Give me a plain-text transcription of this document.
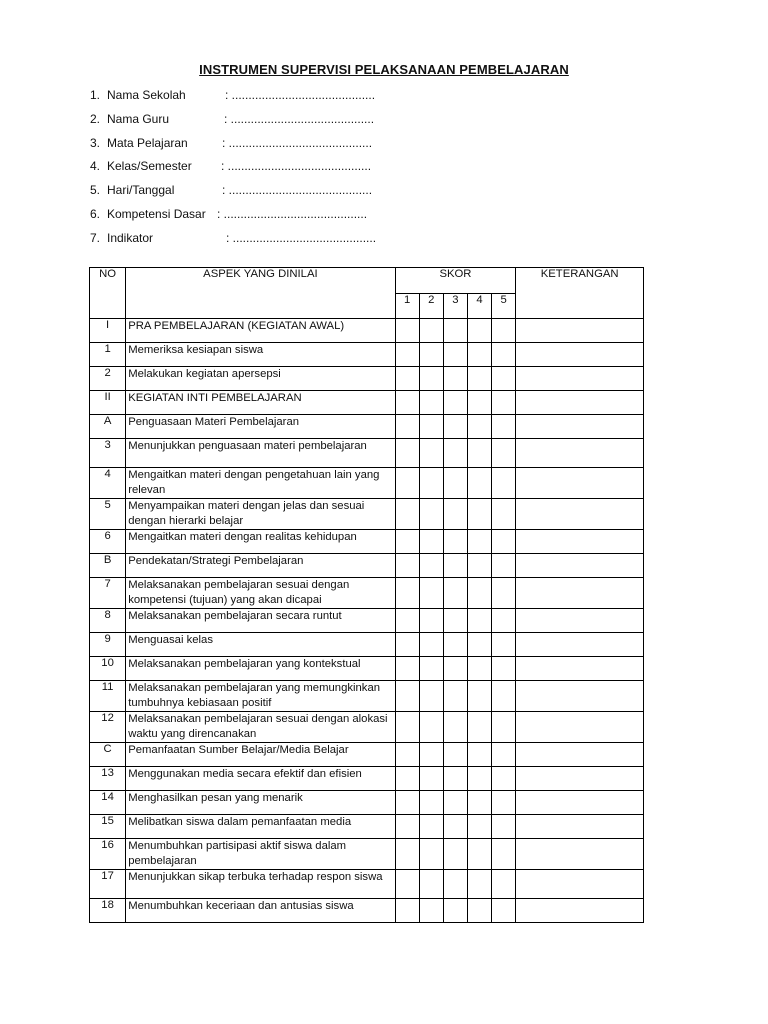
INSTRUMEN SUPERVISI PELAKSANAAN PEMBELAJARAN
1. Nama Sekolah	: ...........................................
2. Nama Guru	: ...........................................
3. Mata Pelajaran	: ...........................................
4. Kelas/Semester : ...........................................
5. Hari/Tanggal	: ...........................................
6. Kompetensi Dasar : ...........................................
7. Indikator	: ...........................................
NO	ASPEK YANG DINILAI	SKOR					KETERANGAN
		1	2	3	4	5	
I	PRA PEMBELAJARAN (KEGIATAN AWAL)						
1	Memeriksa kesiapan siswa						
2	Melakukan kegiatan apersepsi						
II	KEGIATAN INTI PEMBELAJARAN						
A	Penguasaan Materi Pembelajaran						
3	Menunjukkan penguasaan materi pembelajaran						
4	Mengaitkan materi dengan pengetahuan lain yang relevan						
5	Menyampaikan materi dengan jelas dan sesuai dengan hierarki belajar						
6	Mengaitkan materi dengan realitas kehidupan						
B	Pendekatan/Strategi Pembelajaran						
7	Melaksanakan pembelajaran sesuai dengan kompetensi (tujuan) yang akan dicapai						
8	Melaksanakan pembelajaran secara runtut						
9	Menguasai kelas						
10	Melaksanakan pembelajaran yang kontekstual						
11	Melaksanakan pembelajaran yang memungkinkan tumbuhnya kebiasaan positif						
12	Melaksanakan pembelajaran sesuai dengan alokasi waktu yang direncanakan						
C	Pemanfaatan Sumber Belajar/Media Belajar						
13	Menggunakan media secara efektif dan efisien						
14	Menghasilkan pesan yang menarik						
15	Melibatkan siswa dalam pemanfaatan media						
16	Menumbuhkan partisipasi aktif siswa dalam pembelajaran						
17	Menunjukkan sikap terbuka terhadap respon siswa						
18	Menumbuhkan keceriaan dan antusias siswa						
